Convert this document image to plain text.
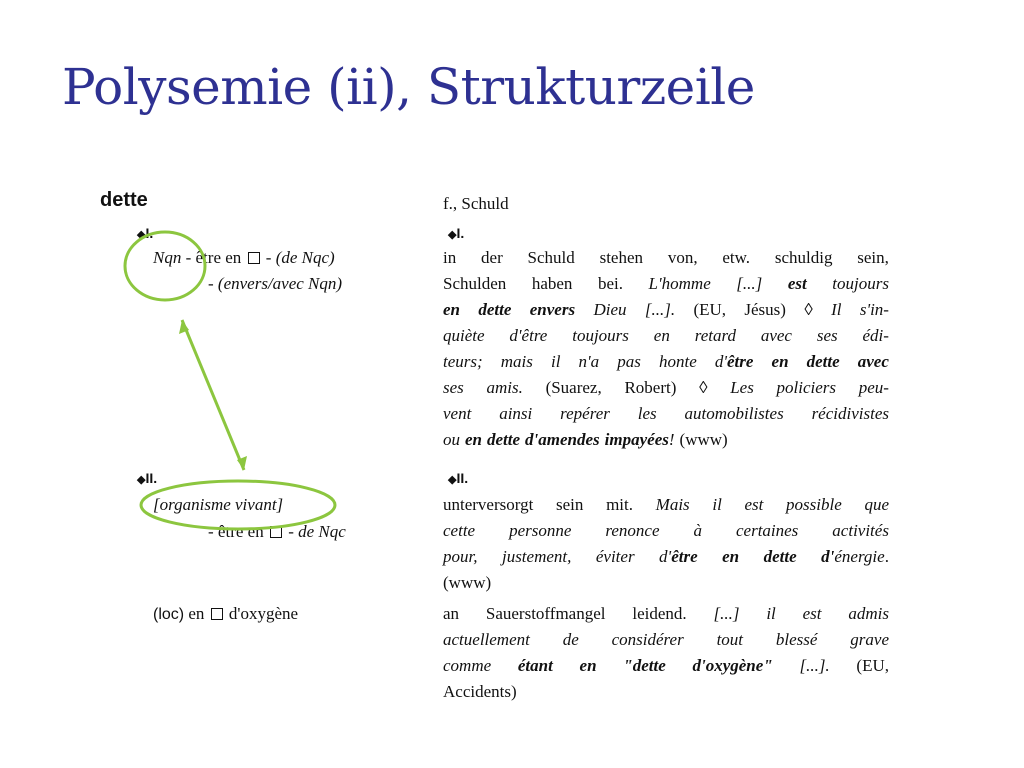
Polysemie (ii), Strukturzeile
dette
◆I.
Nqn - être en  - (de Nqc)
- (envers/avec Nqn)
◆II.
[organisme vivant]
- être en  - de Nqc
(loc) en d'oxygène
f., Schuld
◆I.
in der Schuld stehen von, etw. schuldig sein,
Schulden haben bei. L'homme [...] est toujours
en dette envers Dieu [...]. (EU, Jésus) ◊ Il s'in-
quiète d'être toujours en retard avec ses édi-
teurs; mais il n'a pas honte d'être en dette avec
ses amis. (Suarez, Robert) ◊ Les policiers peu-
vent ainsi repérer les automobilistes récidivistes
ou en dette d'amendes impayées! (www)
◆II.
unterversorgt sein mit. Mais il est possible que
cette personne renonce à certaines activités
pour, justement, éviter d'être en dette d'énergie.
(www)
an Sauerstoffmangel leidend. [...] il est admis
actuellement de considérer tout blessé grave
comme étant en "dette d'oxygène" [...]. (EU,
Accidents)
